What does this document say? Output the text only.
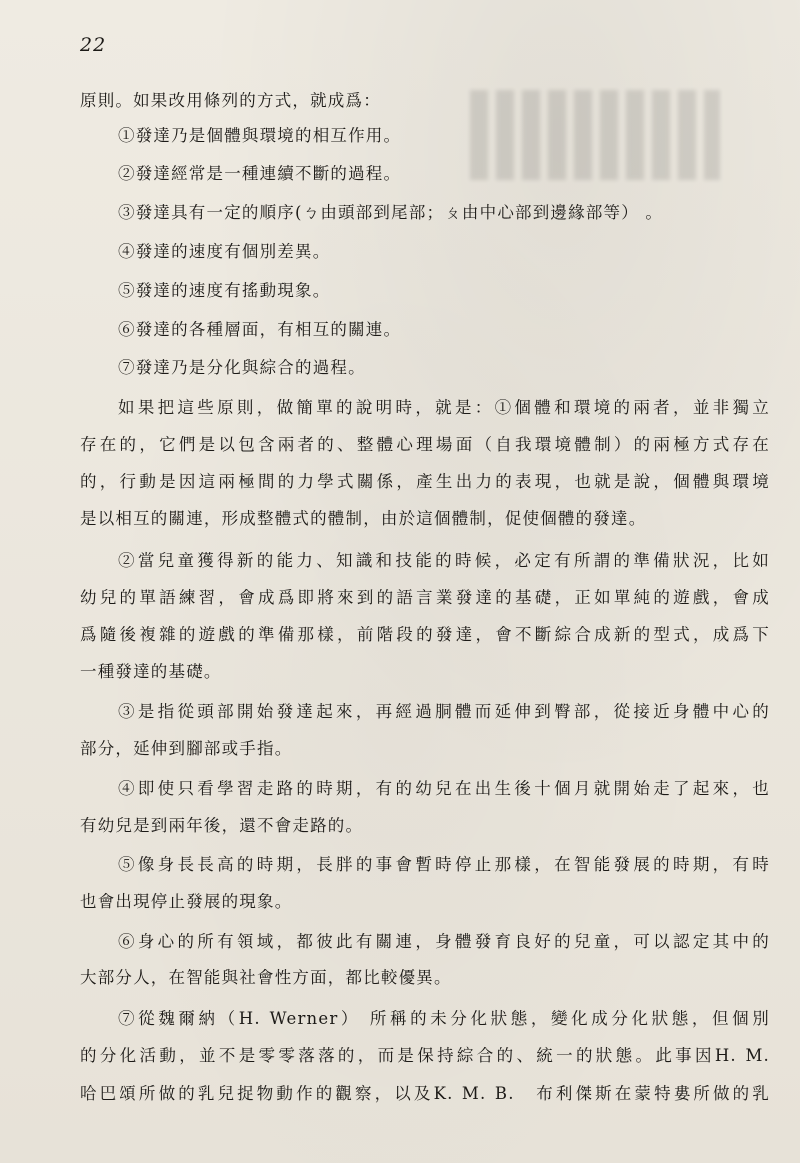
22
原則。如果改用條列的方式，就成爲：
①發達乃是個體與環境的相互作用。
②發達經常是一種連續不斷的過程。
③發達具有一定的順序(ㄅ由頭部到尾部；ㄆ由中心部到邊緣部等） 。
④發達的速度有個別差異。
⑤發達的速度有搖動現象。
⑥發達的各種層面，有相互的關連。
⑦發達乃是分化與綜合的過程。
如果把這些原則，做簡單的說明時，就是：①個體和環境的兩者，並非獨立
存在的，它們是以包含兩者的、整體心理場面（自我環境體制）的兩極方式存在
的，行動是因這兩極間的力學式關係，產生出力的表現，也就是說，個體與環境
是以相互的關連，形成整體式的體制，由於這個體制，促使個體的發達。
②當兒童獲得新的能力、知識和技能的時候，必定有所謂的準備狀況，比如
幼兒的單語練習，會成爲即將來到的語言業發達的基礎，正如單純的遊戲，會成
爲隨後複雜的遊戲的準備那樣，前階段的發達，會不斷綜合成新的型式，成爲下
一種發達的基礎。
③是指從頭部開始發達起來，再經過胴體而延伸到臀部，從接近身體中心的
部分，延伸到腳部或手指。
④即使只看學習走路的時期，有的幼兒在出生後十個月就開始走了起來，也
有幼兒是到兩年後，還不會走路的。
⑤像身長長高的時期，長胖的事會暫時停止那樣，在智能發展的時期，有時
也會出現停止發展的現象。
⑥身心的所有領域，都彼此有關連，身體發育良好的兒童，可以認定其中的
大部分人，在智能與社會性方面，都比較優異。
⑦從魏爾納（H. Werner） 所稱的未分化狀態，變化成分化狀態，但個別
的分化活動，並不是零零落落的，而是保持綜合的、統一的狀態。此事因H. M.
哈巴頌所做的乳兒捉物動作的觀察，以及K. M. B.　布利傑斯在蒙特婁所做的乳
